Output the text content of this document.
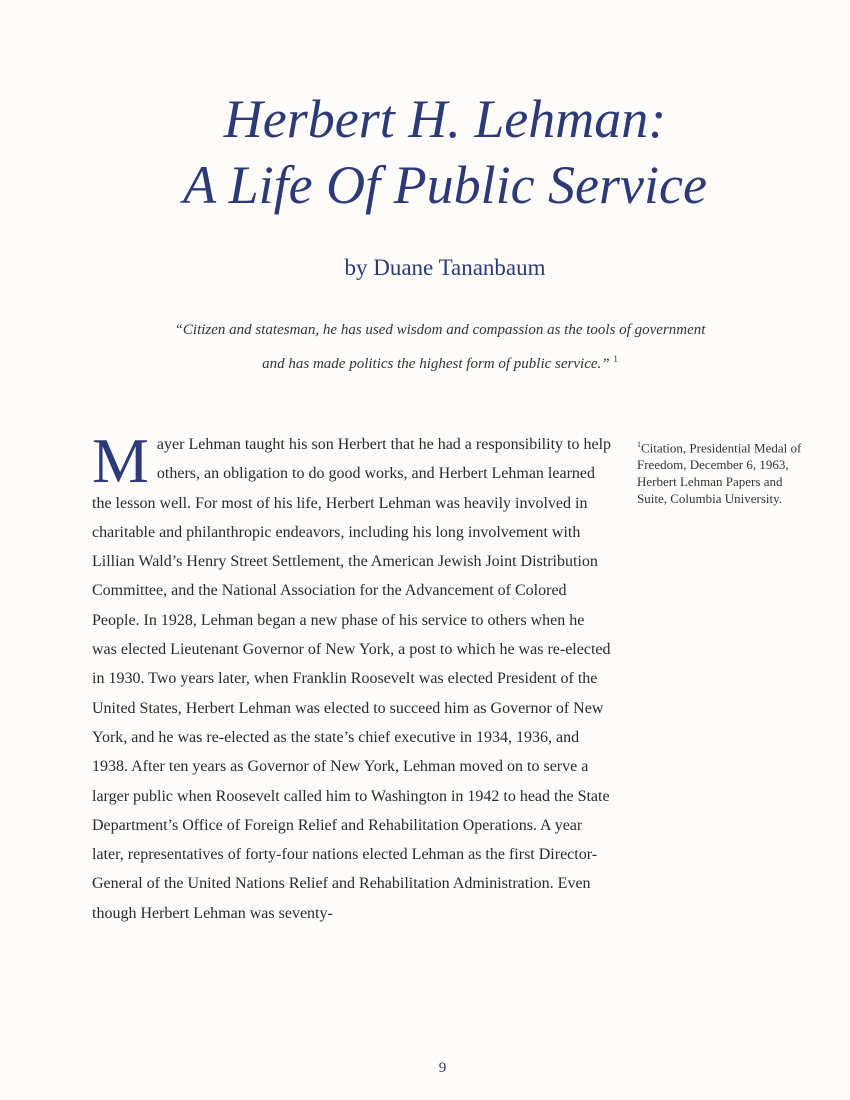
Herbert H. Lehman:
A Life Of Public Service
by Duane Tananbaum
“Citizen and statesman, he has used wisdom and compassion as the tools of government
and has made politics the highest form of public service.” $^1$

Mayer Lehman taught his son Herbert that he had a responsibility to help others, an obligation to do good works, and Herbert Lehman learned the lesson well. For most of his life, Herbert Lehman was heavily involved in charitable and philanthropic endeavors, including his long involvement with Lillian Wald’s Henry Street Settlement, the American Jewish Joint Distribution Committee, and the National Association for the Advancement of Colored People. In 1928, Lehman began a new phase of his service to others when he was elected Lieutenant Governor of New York, a post to which he was re-elected in 1930. Two years later, when Franklin Roosevelt was elected President of the United States, Herbert Lehman was elected to succeed him as Governor of New York, and he was re-elected as the state’s chief executive in 1934, 1936, and 1938. After ten years as Governor of New York, Lehman moved on to serve a larger public when Roosevelt called him to Washington in 1942 to head the State Department’s Office of Foreign Relief and Rehabilitation Operations. A year later, representatives of forty-four nations elected Lehman as the first Director-General of the United Nations Relief and Rehabilitation Administration. Even though Herbert Lehman was seventy-

$^1$Citation, Presidential Medal of Freedom, December 6, 1963, Herbert Lehman Papers and Suite, Columbia University.
9
